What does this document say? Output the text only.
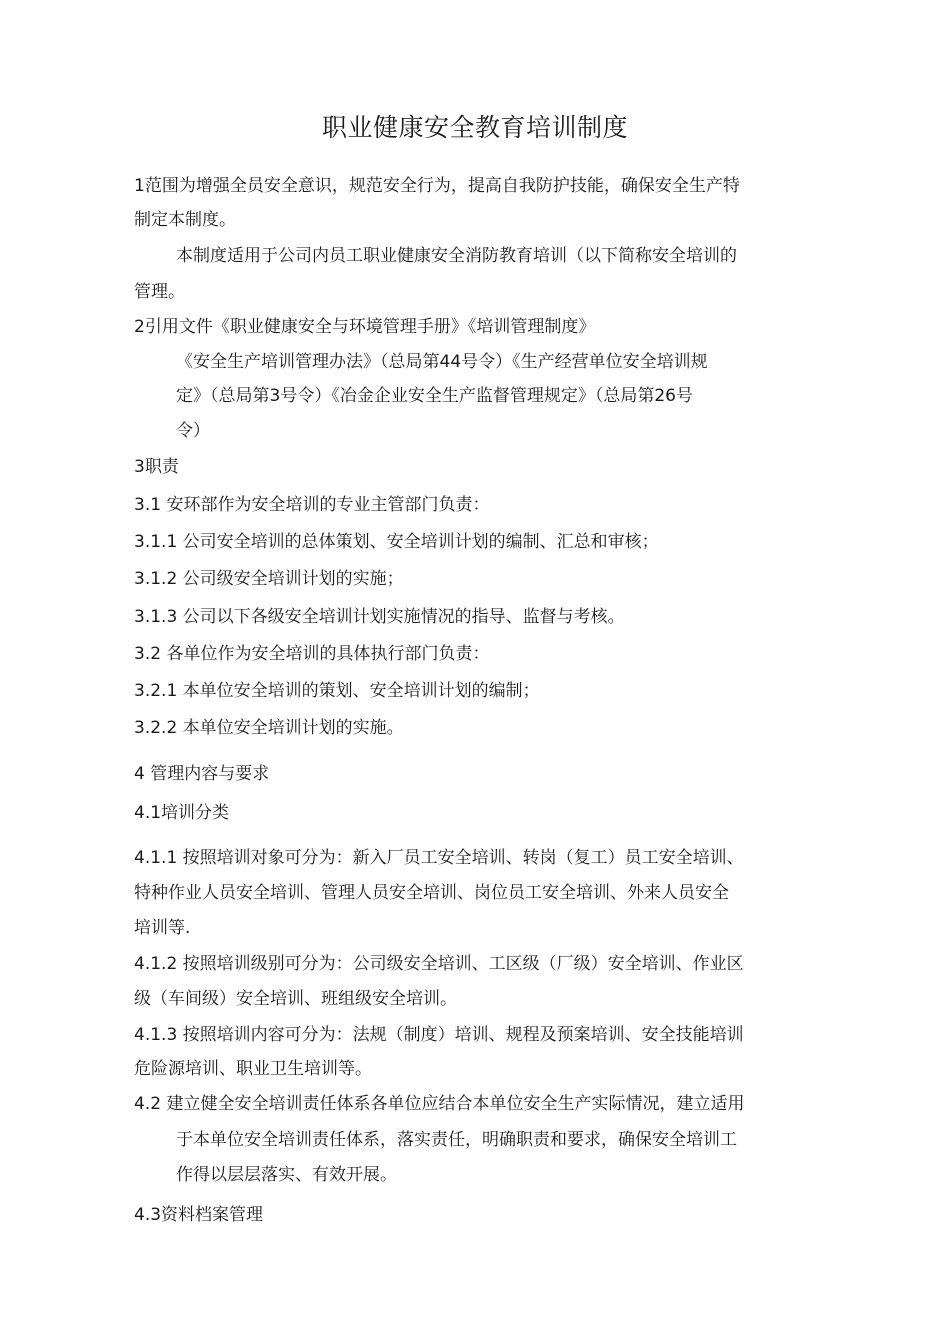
职业健康安全教育培训制度
1范围为增强全员安全意识，规范安全行为，提高自我防护技能，确保安全生产特
制定本制度。
本制度适用于公司内员工职业健康安全消防教育培训（以下简称安全培训的
管理。
2引用文件《职业健康安全与环境管理手册》《培训管理制度》
《安全生产培训管理办法》（总局第44号令）《生产经营单位安全培训规
定》（总局第3号令）《冶金企业安全生产监督管理规定》（总局第26号
令）
3职责
3.1 安环部作为安全培训的专业主管部门负责：
3.1.1 公司安全培训的总体策划、安全培训计划的编制、汇总和审核；
3.1.2 公司级安全培训计划的实施；
3.1.3 公司以下各级安全培训计划实施情况的指导、监督与考核。
3.2 各单位作为安全培训的具体执行部门负责：
3.2.1 本单位安全培训的策划、安全培训计划的编制；
3.2.2 本单位安全培训计划的实施。
4 管理内容与要求
4.1培训分类
4.1.1 按照培训对象可分为：新入厂员工安全培训、转岗（复工）员工安全培训、
特种作业人员安全培训、管理人员安全培训、岗位员工安全培训、外来人员安全
培训等.
4.1.2 按照培训级别可分为：公司级安全培训、工区级（厂级）安全培训、作业区
级（车间级）安全培训、班组级安全培训。
4.1.3 按照培训内容可分为：法规（制度）培训、规程及预案培训、安全技能培训
危险源培训、职业卫生培训等。
4.2 建立健全安全培训责任体系各单位应结合本单位安全生产实际情况，建立适用
于本单位安全培训责任体系，落实责任，明确职责和要求，确保安全培训工
作得以层层落实、有效开展。
4.3资料档案管理
